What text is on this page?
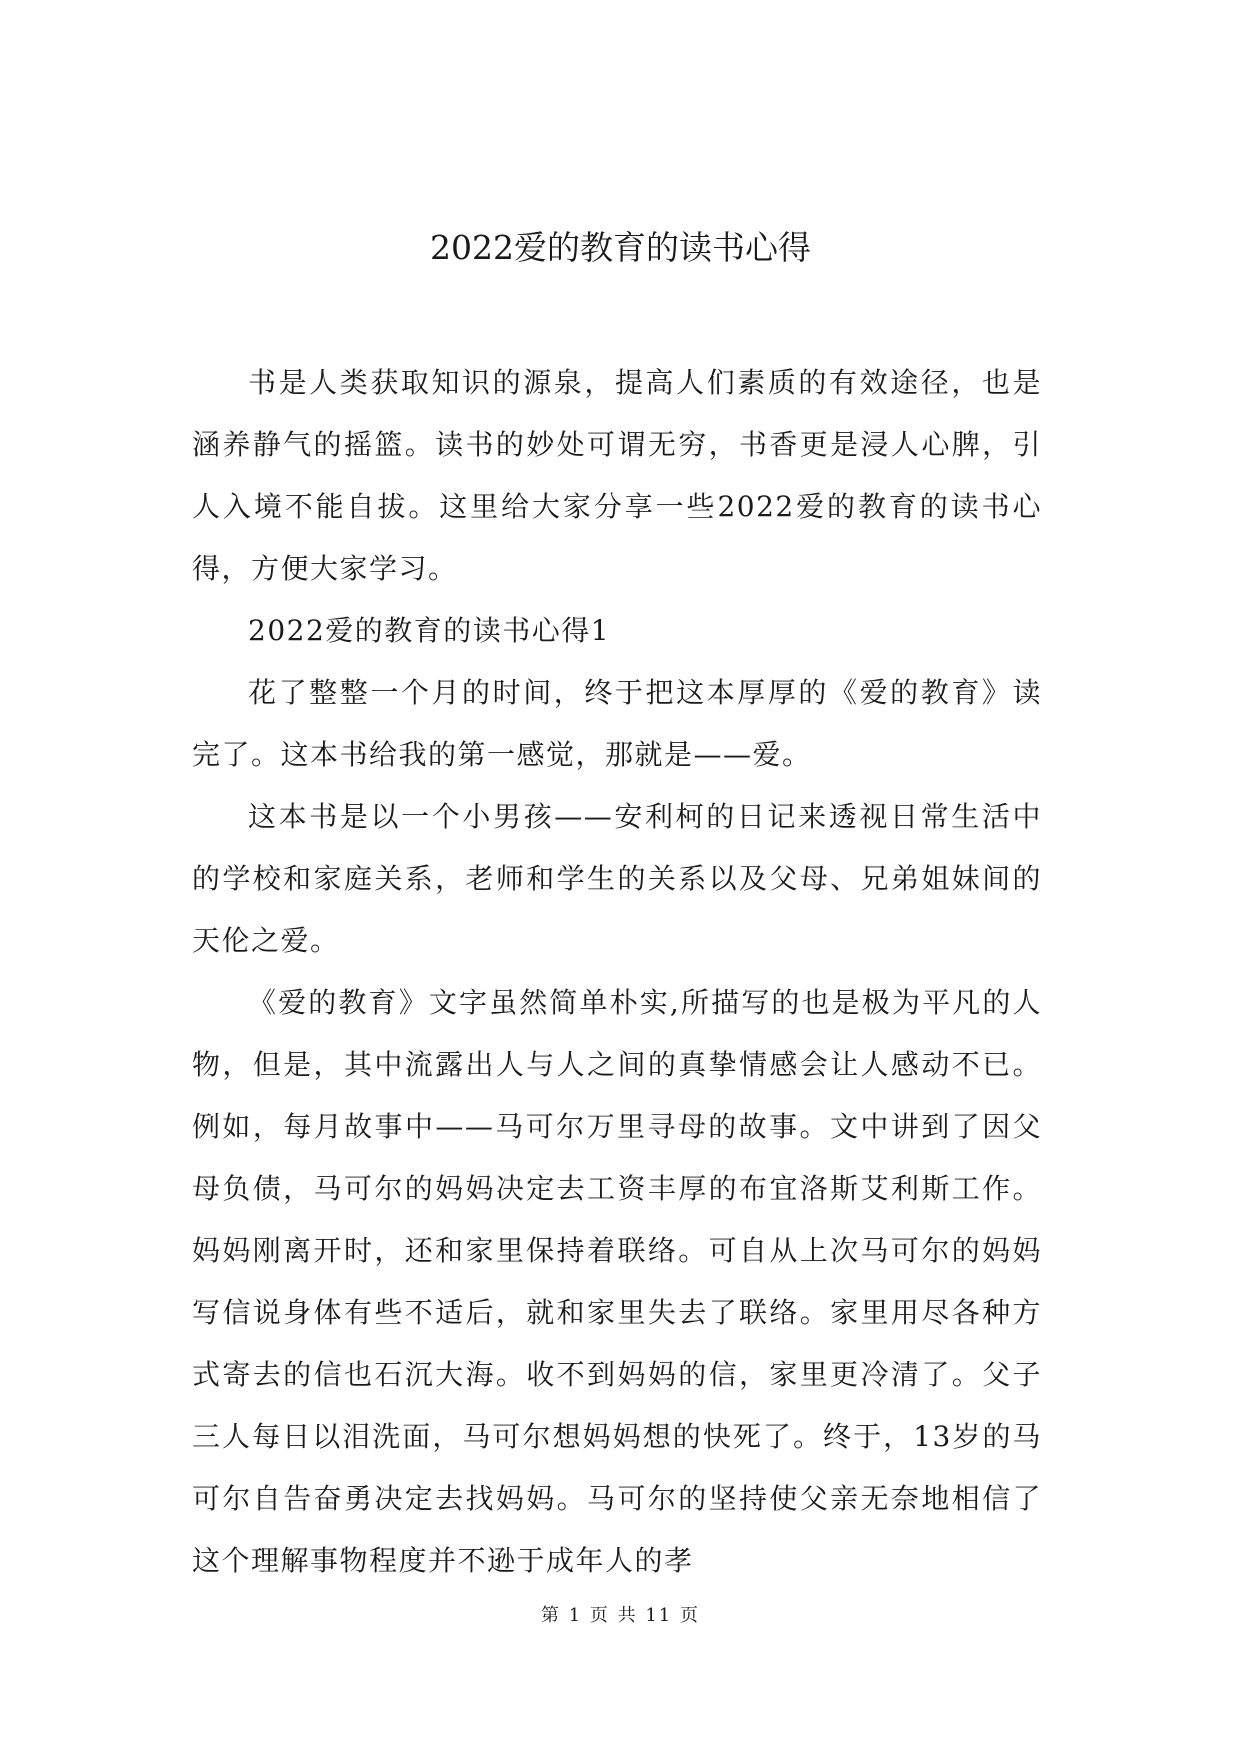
2022爱的教育的读书心得

书是人类获取知识的源泉，提高人们素质的有效途径，也是涵养静气的摇篮。读书的妙处可谓无穷，书香更是浸人心脾，引人入境不能自拔。这里给大家分享一些2022爱的教育的读书心得，方便大家学习。

2022爱的教育的读书心得1

花了整整一个月的时间，终于把这本厚厚的《爱的教育》读完了。这本书给我的第一感觉，那就是——爱。

这本书是以一个小男孩——安利柯的日记来透视日常生活中的学校和家庭关系，老师和学生的关系以及父母、兄弟姐妹间的天伦之爱。

《爱的教育》文字虽然简单朴实,所描写的也是极为平凡的人物，但是，其中流露出人与人之间的真挚情感会让人感动不已。例如，每月故事中——马可尔万里寻母的故事。文中讲到了因父母负债，马可尔的妈妈决定去工资丰厚的布宜洛斯艾利斯工作。妈妈刚离开时，还和家里保持着联络。可自从上次马可尔的妈妈写信说身体有些不适后，就和家里失去了联络。家里用尽各种方式寄去的信也石沉大海。收不到妈妈的信，家里更冷清了。父子三人每日以泪洗面，马可尔想妈妈想的快死了。终于，13岁的马可尔自告奋勇决定去找妈妈。马可尔的坚持使父亲无奈地相信了这个理解事物程度并不逊于成年人的孝

第 1 页 共 11 页
